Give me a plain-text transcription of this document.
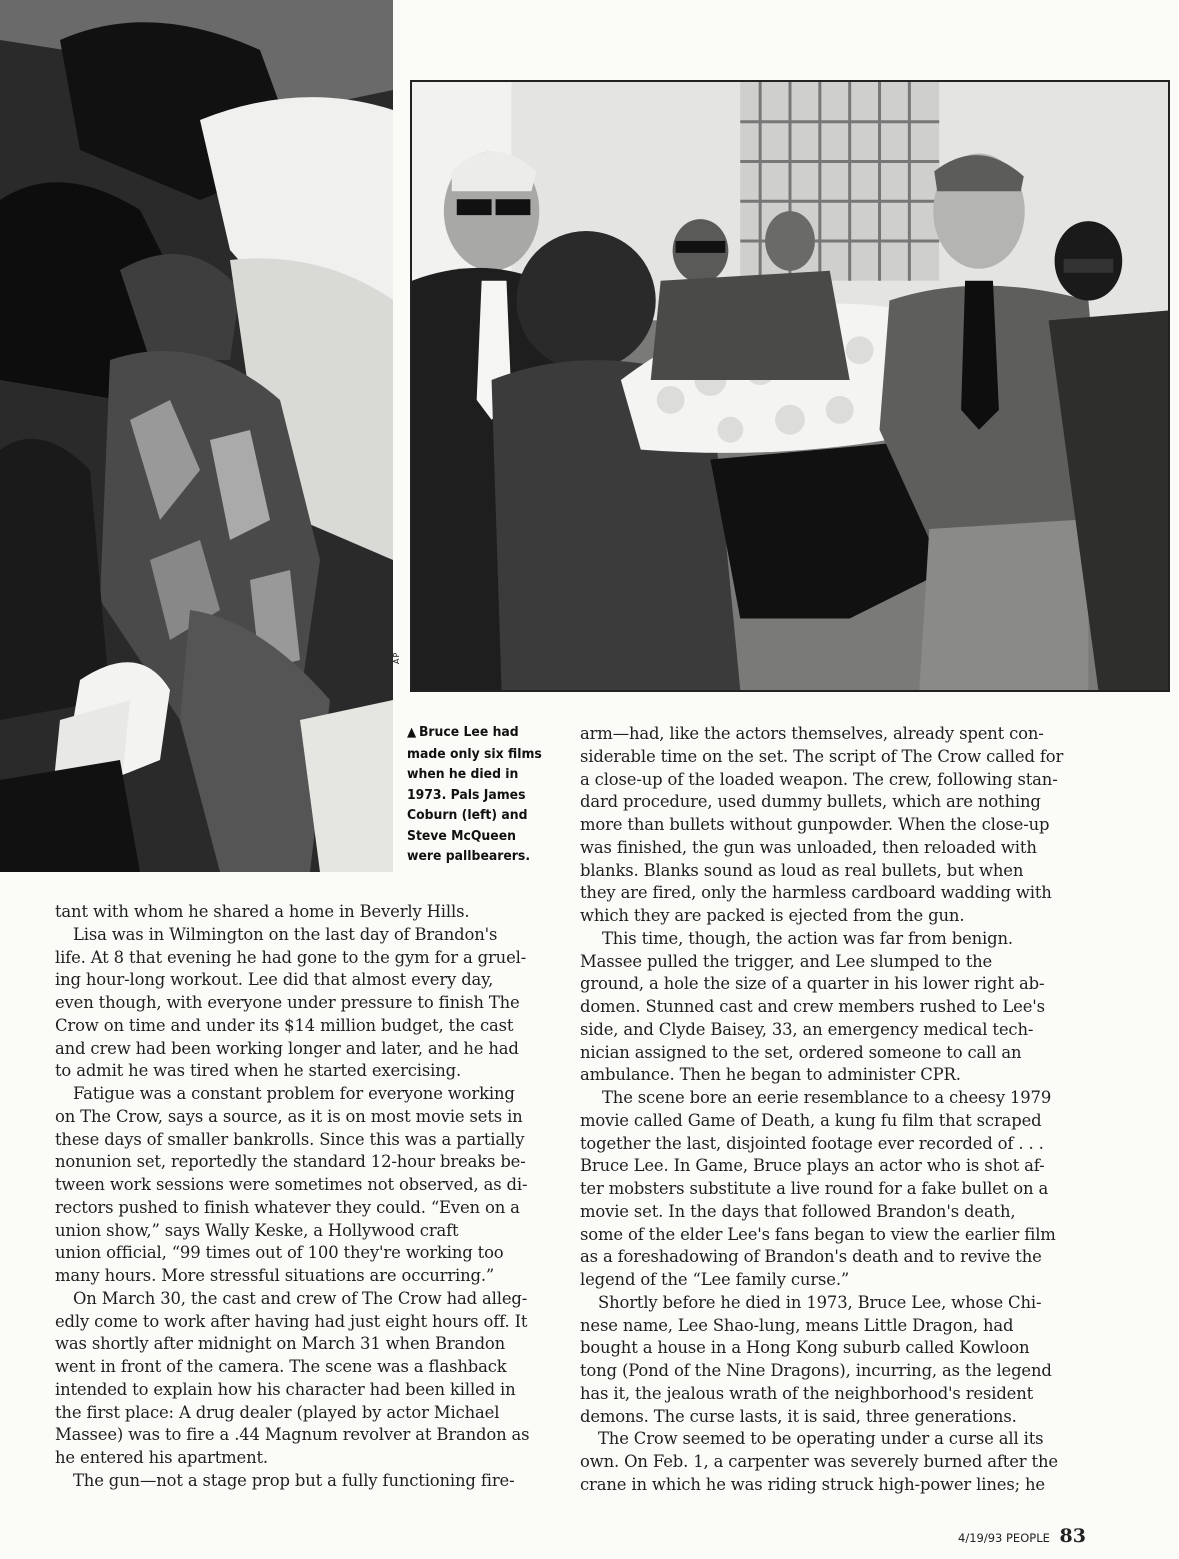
AP
▲ Bruce Lee had
made only six films
when he died in
1973. Pals James
Coburn (left) and
Steve McQueen
were pallbearers.
tant with whom he shared a home in Beverly Hills.
Lisa was in Wilmington on the last day of Brandon's
life. At 8 that evening he had gone to the gym for a gruel-
ing hour-long workout. Lee did that almost every day,
even though, with everyone under pressure to finish The
Crow on time and under its $14 million budget, the cast
and crew had been working longer and later, and he had
to admit he was tired when he started exercising.
Fatigue was a constant problem for everyone working
on The Crow, says a source, as it is on most movie sets in
these days of smaller bankrolls. Since this was a partially
nonunion set, reportedly the standard 12-hour breaks be-
tween work sessions were sometimes not observed, as di-
rectors pushed to finish whatever they could. “Even on a
union show,” says Wally Keske, a Hollywood craft
union official, “99 times out of 100 they're working too
many hours. More stressful situations are occurring.”
On March 30, the cast and crew of The Crow had alleg-
edly come to work after having had just eight hours off. It
was shortly after midnight on March 31 when Brandon
went in front of the camera. The scene was a flashback
intended to explain how his character had been killed in
the first place: A drug dealer (played by actor Michael
Massee) was to fire a .44 Magnum revolver at Brandon as
he entered his apartment.
The gun—not a stage prop but a fully functioning fire-
arm—had, like the actors themselves, already spent con-
siderable time on the set. The script of The Crow called for
a close-up of the loaded weapon. The crew, following stan-
dard procedure, used dummy bullets, which are nothing
more than bullets without gunpowder. When the close-up
was finished, the gun was unloaded, then reloaded with
blanks. Blanks sound as loud as real bullets, but when
they are fired, only the harmless cardboard wadding with
which they are packed is ejected from the gun.
This time, though, the action was far from benign.
Massee pulled the trigger, and Lee slumped to the
ground, a hole the size of a quarter in his lower right ab-
domen. Stunned cast and crew members rushed to Lee's
side, and Clyde Baisey, 33, an emergency medical tech-
nician assigned to the set, ordered someone to call an
ambulance. Then he began to administer CPR.
The scene bore an eerie resemblance to a cheesy 1979
movie called Game of Death, a kung fu film that scraped
together the last, disjointed footage ever recorded of . . .
Bruce Lee. In Game, Bruce plays an actor who is shot af-
ter mobsters substitute a live round for a fake bullet on a
movie set. In the days that followed Brandon's death,
some of the elder Lee's fans began to view the earlier film
as a foreshadowing of Brandon's death and to revive the
legend of the “Lee family curse.”
Shortly before he died in 1973, Bruce Lee, whose Chi-
nese name, Lee Shao-lung, means Little Dragon, had
bought a house in a Hong Kong suburb called Kowloon
tong (Pond of the Nine Dragons), incurring, as the legend
has it, the jealous wrath of the neighborhood's resident
demons. The curse lasts, it is said, three generations.
The Crow seemed to be operating under a curse all its
own. On Feb. 1, a carpenter was severely burned after the
crane in which he was riding struck high-power lines; he
4/19/93 PEOPLE 83
